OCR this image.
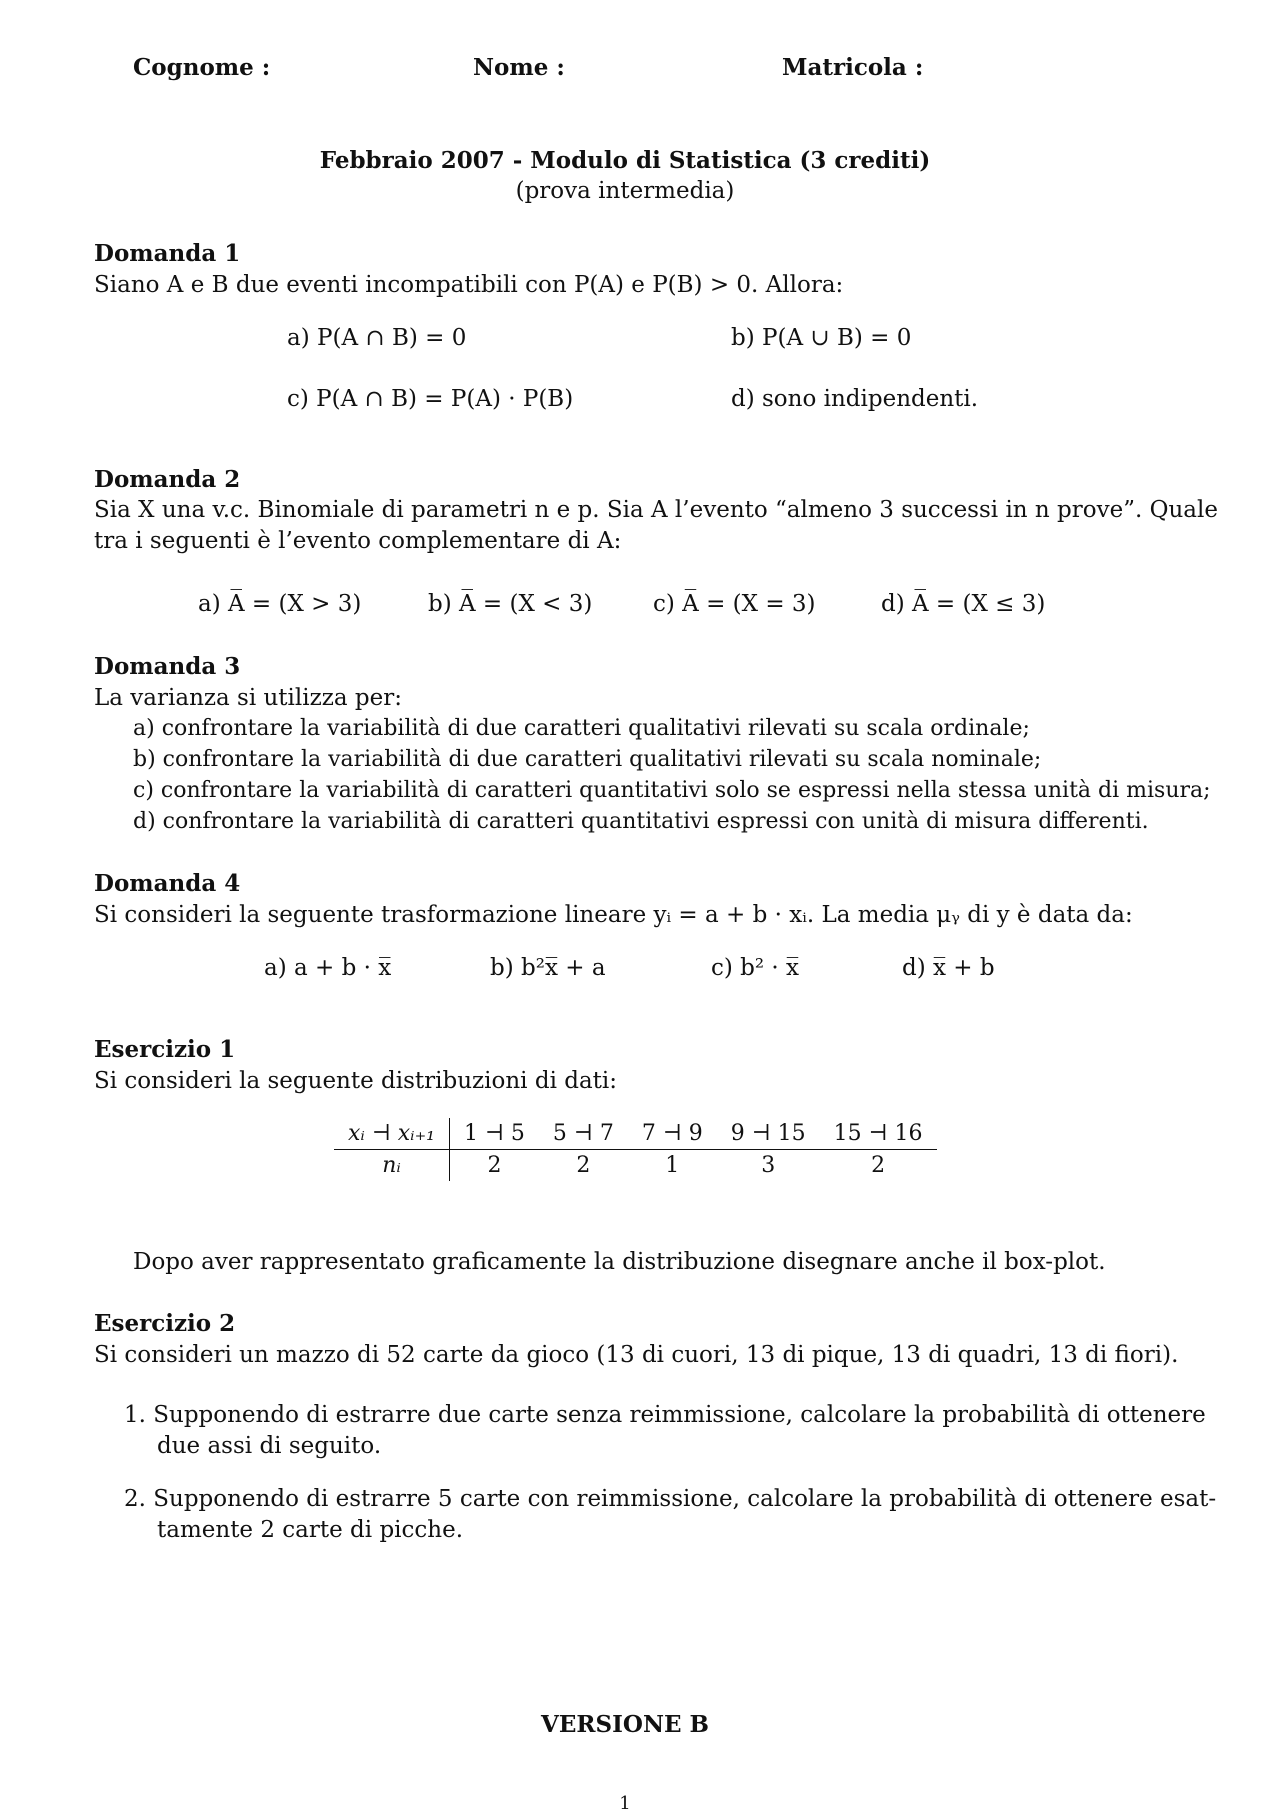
Cognome :	Nome :	Matricola :
Febbraio 2007 - Modulo di Statistica (3 crediti)
(prova intermedia)
Domanda 1
Siano A e B due eventi incompatibili con P(A) e P(B) > 0. Allora:
a) P(A ∩ B) = 0	b) P(A ∪ B) = 0
c) P(A ∩ B) = P(A) · P(B)	d) sono indipendenti.
Domanda 2
Sia X una v.c. Binomiale di parametri n e p. Sia A l’evento “almeno 3 successi in n prove”. Quale
tra i seguenti è l’evento complementare di A:
a) A̅ = (X > 3)	b) A̅ = (X < 3)	c) A̅ = (X = 3)	d) A̅ = (X ≤ 3)
Domanda 3
La varianza si utilizza per:
a) confrontare la variabilità di due caratteri qualitativi rilevati su scala ordinale;
b) confrontare la variabilità di due caratteri qualitativi rilevati su scala nominale;
c) confrontare la variabilità di caratteri quantitativi solo se espressi nella stessa unità di misura;
d) confrontare la variabilità di caratteri quantitativi espressi con unità di misura differenti.
Domanda 4
Si consideri la seguente trasformazione lineare yᵢ = a + b · xᵢ. La media μᵧ di y è data da:
a) a + b · x̅	b) b²x̅ + a	c) b² · x̅	d) x̅ + b
Esercizio 1
Si consideri la seguente distribuzioni di dati:
xᵢ ⊣ xᵢ₊₁	1 ⊣ 5	5 ⊣ 7	7 ⊣ 9	9 ⊣ 15	15 ⊣ 16
nᵢ	2	2	1	3	2
Dopo aver rappresentato graficamente la distribuzione disegnare anche il box-plot.
Esercizio 2
Si consideri un mazzo di 52 carte da gioco (13 di cuori, 13 di pique, 13 di quadri, 13 di fiori).
1. Supponendo di estrarre due carte senza reimmissione, calcolare la probabilità di ottenere
due assi di seguito.
2. Supponendo di estrarre 5 carte con reimmissione, calcolare la probabilità di ottenere esat-
tamente 2 carte di picche.
VERSIONE B
1
